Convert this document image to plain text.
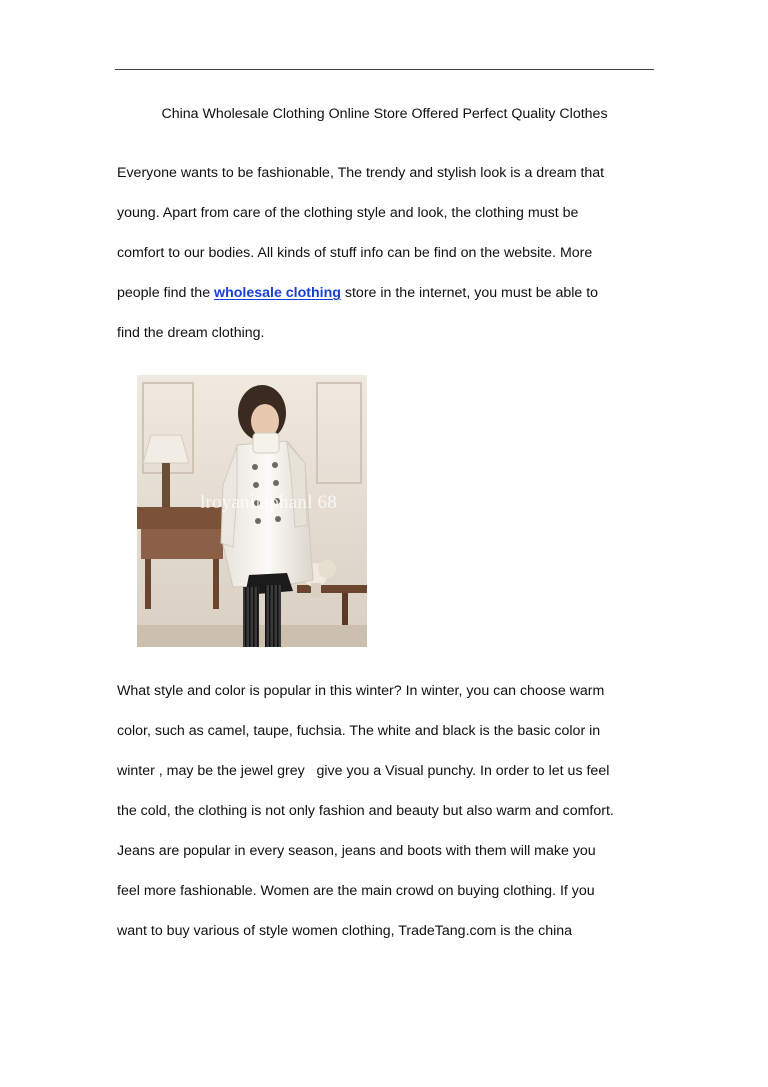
China Wholesale Clothing Online Store Offered Perfect Quality Clothes
Everyone wants to be fashionable, The trendy and stylish look is a dream that
young. Apart from care of the clothing style and look, the clothing must be
comfort to our bodies. All kinds of stuff info can be find on the website. More
people find the wholesale clothing store in the internet, you must be able to
find the dream clothing.
lroyanliaphanl 68
What style and color is popular in this winter? In winter, you can choose warm
color, such as camel, taupe, fuchsia. The white and black is the basic color in
winter , may be the jewel grey   give you a Visual punchy. In order to let us feel
the cold, the clothing is not only fashion and beauty but also warm and comfort.
Jeans are popular in every season, jeans and boots with them will make you
feel more fashionable. Women are the main crowd on buying clothing. If you
want to buy various of style women clothing, TradeTang.com is the china
